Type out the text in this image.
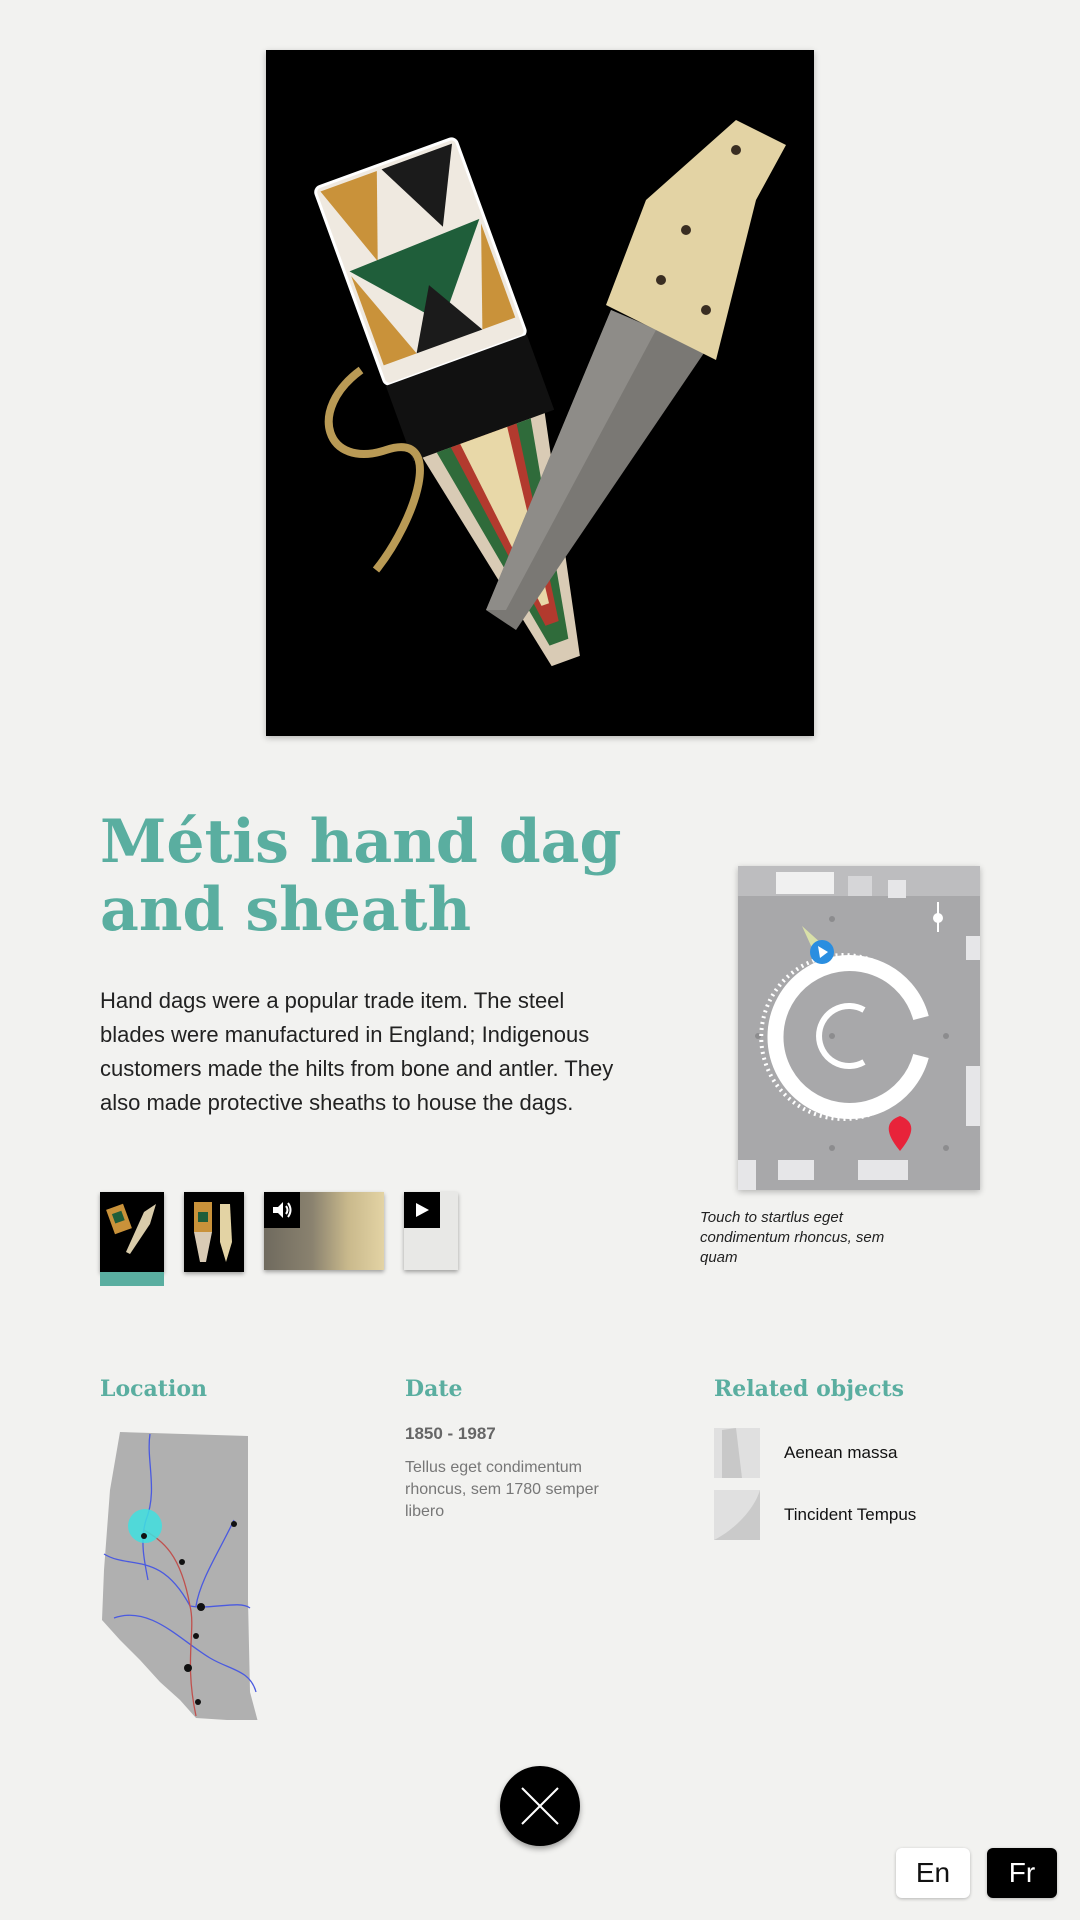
Métis hand dag and sheath

Hand dags were a popular trade item. The steel blades were manufactured in England; Indigenous customers made the hilts from bone and antler. They also made protective sheaths to house the dags.

Touch to startlus eget condimentum rhoncus, sem quam
Location	Date
1850 - 1987
Tellus eget condimentum rhoncus, sem 1780 semper libero
Related objects
Aenean massa
Tincident Tempus
En	Fr
